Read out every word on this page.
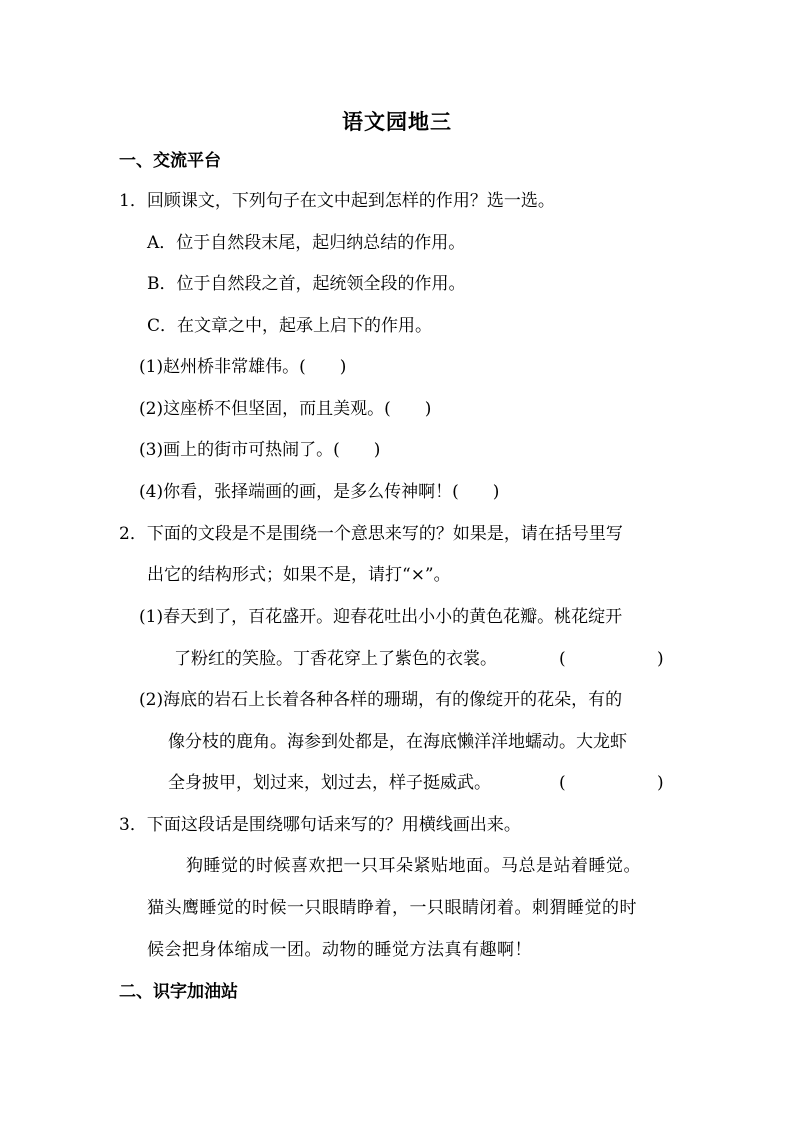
语文园地三
一、交流平台
1．回顾课文，下列句子在文中起到怎样的作用？选一选。
A．位于自然段末尾，起归纳总结的作用。
B．位于自然段之首，起统领全段的作用。
C．在文章之中，起承上启下的作用。
(1)赵州桥非常雄伟。(　　)
(2)这座桥不但坚固，而且美观。(　　)
(3)画上的街市可热闹了。(　　)
(4)你看，张择端画的画，是多么传神啊！(　　)
2．下面的文段是不是围绕一个意思来写的？如果是，请在括号里写
出它的结构形式；如果不是，请打“×”。
(1)春天到了，百花盛开。迎春花吐出小小的黄色花瓣。桃花绽开
了粉红的笑脸。丁香花穿上了紫色的衣裳。	(	)
(2)海底的岩石上长着各种各样的珊瑚，有的像绽开的花朵，有的
像分枝的鹿角。海参到处都是，在海底懒洋洋地蠕动。大龙虾
全身披甲，划过来，划过去，样子挺威武。	(	)
3．下面这段话是围绕哪句话来写的？用横线画出来。
狗睡觉的时候喜欢把一只耳朵紧贴地面。马总是站着睡觉。
猫头鹰睡觉的时候一只眼睛睁着，一只眼睛闭着。刺猬睡觉的时
候会把身体缩成一团。动物的睡觉方法真有趣啊！
二、识字加油站
